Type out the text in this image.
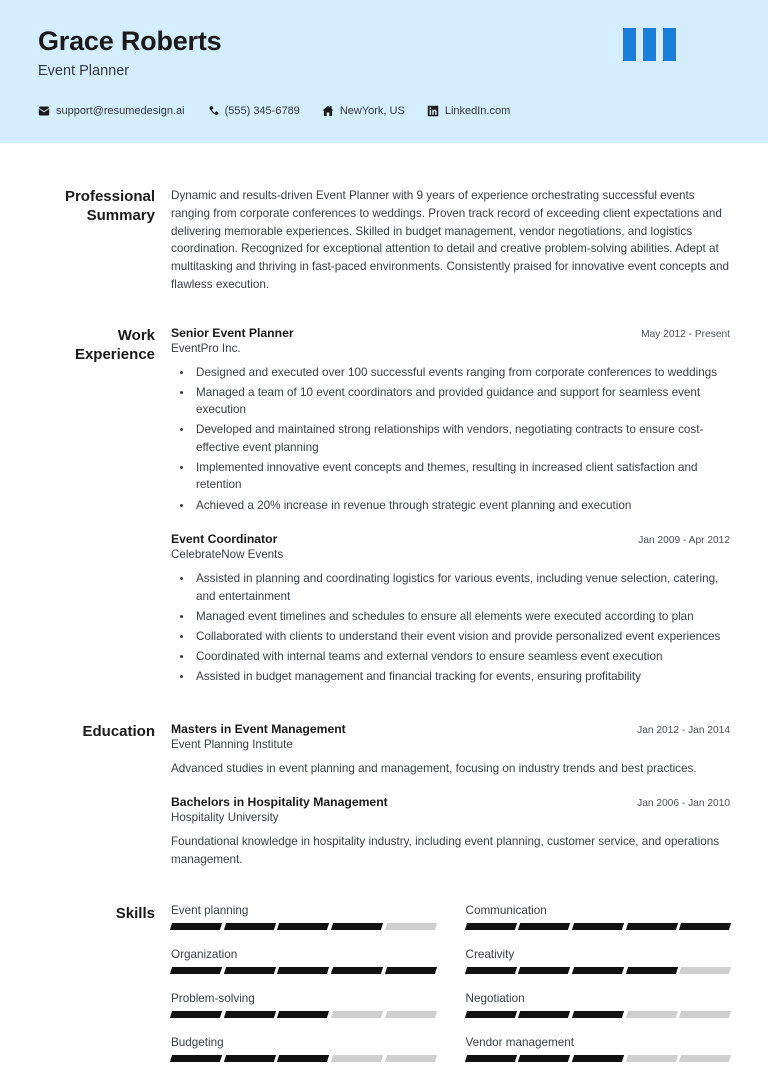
Grace Roberts
Event Planner
support@resumedesign.ai	(555) 345-6789	NewYork, US	LinkedIn.com
Professional Summary
Dynamic and results-driven Event Planner with 9 years of experience orchestrating successful events ranging from corporate conferences to weddings. Proven track record of exceeding client expectations and delivering memorable experiences. Skilled in budget management, vendor negotiations, and logistics coordination. Recognized for exceptional attention to detail and creative problem-solving abilities. Adept at multitasking and thriving in fast-paced environments. Consistently praised for innovative event concepts and flawless execution.
Work Experience
Senior Event Planner	May 2012 - Present
EventPro Inc.
• Designed and executed over 100 successful events ranging from corporate conferences to weddings
• Managed a team of 10 event coordinators and provided guidance and support for seamless event execution
• Developed and maintained strong relationships with vendors, negotiating contracts to ensure cost-effective event planning
• Implemented innovative event concepts and themes, resulting in increased client satisfaction and retention
• Achieved a 20% increase in revenue through strategic event planning and execution
Event Coordinator	Jan 2009 - Apr 2012
CelebrateNow Events
• Assisted in planning and coordinating logistics for various events, including venue selection, catering, and entertainment
• Managed event timelines and schedules to ensure all elements were executed according to plan
• Collaborated with clients to understand their event vision and provide personalized event experiences
• Coordinated with internal teams and external vendors to ensure seamless event execution
• Assisted in budget management and financial tracking for events, ensuring profitability
Education	Masters in Event Management	Jan 2012 - Jan 2014
Event Planning Institute
Advanced studies in event planning and management, focusing on industry trends and best practices.
Bachelors in Hospitality Management	Jan 2006 - Jan 2010
Hospitality University
Foundational knowledge in hospitality industry, including event planning, customer service, and operations management.
Skills	Event planning	Communication
Organization	Creativity
Problem-solving	Negotiation
Budgeting	Vendor management
